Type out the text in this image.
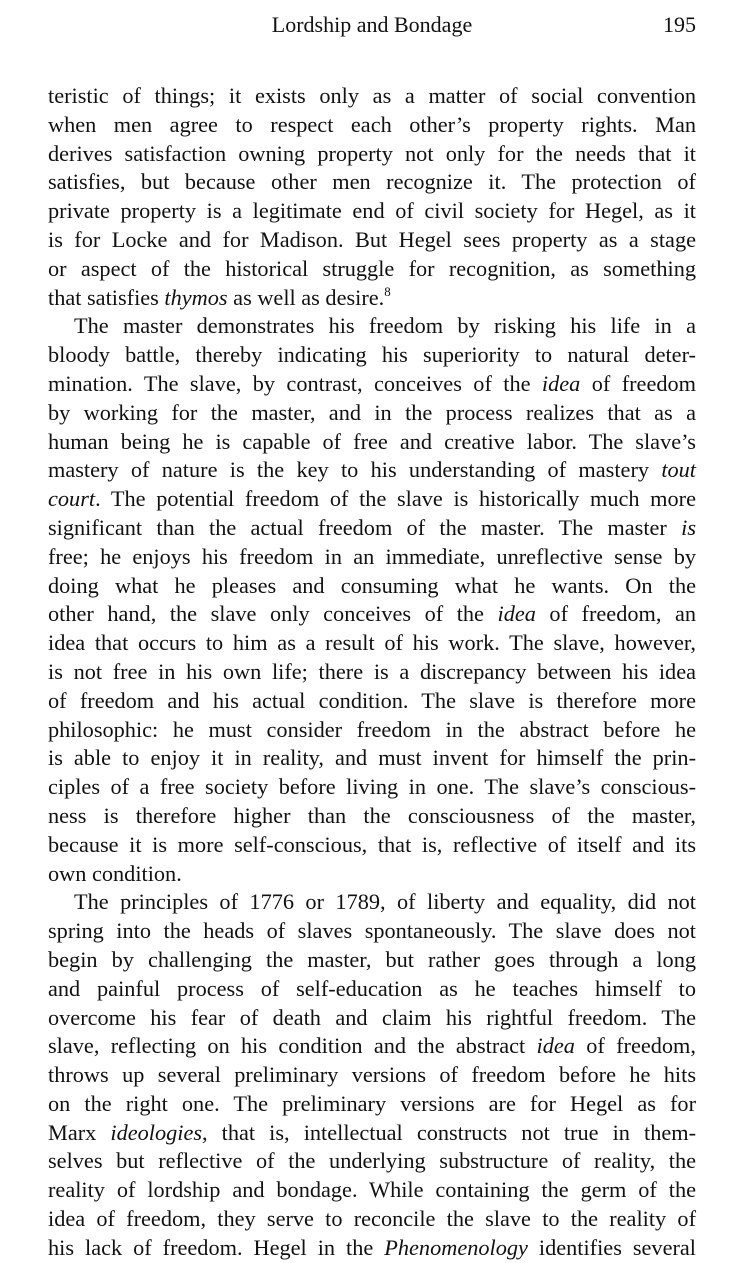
Lordship and Bondage	195
teristic of things; it exists only as a matter of social convention
when men agree to respect each other’s property rights. Man
derives satisfaction owning property not only for the needs that it
satisfies, but because other men recognize it. The protection of
private property is a legitimate end of civil society for Hegel, as it
is for Locke and for Madison. But Hegel sees property as a stage
or aspect of the historical struggle for recognition, as something
that satisfies thymos as well as desire.$^8$
The master demonstrates his freedom by risking his life in a
bloody battle, thereby indicating his superiority to natural deter-
mination. The slave, by contrast, conceives of the idea of freedom
by working for the master, and in the process realizes that as a
human being he is capable of free and creative labor. The slave’s
mastery of nature is the key to his understanding of mastery tout
court. The potential freedom of the slave is historically much more
significant than the actual freedom of the master. The master is
free; he enjoys his freedom in an immediate, unreflective sense by
doing what he pleases and consuming what he wants. On the
other hand, the slave only conceives of the idea of freedom, an
idea that occurs to him as a result of his work. The slave, however,
is not free in his own life; there is a discrepancy between his idea
of freedom and his actual condition. The slave is therefore more
philosophic: he must consider freedom in the abstract before he
is able to enjoy it in reality, and must invent for himself the prin-
ciples of a free society before living in one. The slave’s conscious-
ness is therefore higher than the consciousness of the master,
because it is more self-conscious, that is, reflective of itself and its
own condition.
The principles of 1776 or 1789, of liberty and equality, did not
spring into the heads of slaves spontaneously. The slave does not
begin by challenging the master, but rather goes through a long
and painful process of self-education as he teaches himself to
overcome his fear of death and claim his rightful freedom. The
slave, reflecting on his condition and the abstract idea of freedom,
throws up several preliminary versions of freedom before he hits
on the right one. The preliminary versions are for Hegel as for
Marx ideologies, that is, intellectual constructs not true in them-
selves but reflective of the underlying substructure of reality, the
reality of lordship and bondage. While containing the germ of the
idea of freedom, they serve to reconcile the slave to the reality of
his lack of freedom. Hegel in the Phenomenology identifies several
